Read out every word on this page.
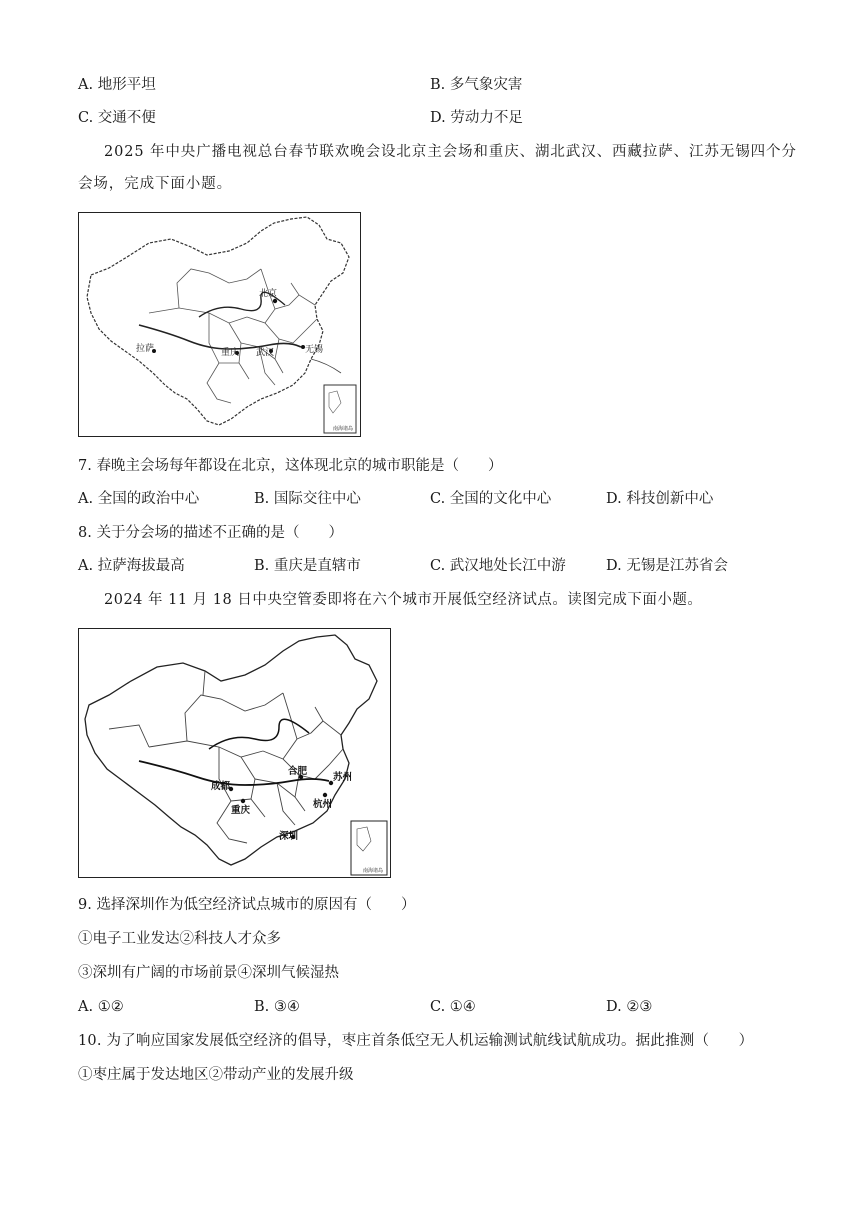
A. 地形平坦	B. 多气象灾害
C. 交通不便	D. 劳动力不足
2025 年中央广播电视总台春节联欢晚会设北京主会场和重庆、湖北武汉、西藏拉萨、江苏无锡四个分
会场，完成下面小题。
北京
拉萨	重庆 武汉	无锡
南海诸岛
7. 春晚主会场每年都设在北京，这体现北京的城市职能是（　　）
A. 全国的政治中心	B. 国际交往中心	C. 全国的文化中心	D. 科技创新中心
8. 关于分会场的描述不正确的是（　　）
A. 拉萨海拔最高	B. 重庆是直辖市	C. 武汉地处长江中游	D. 无锡是江苏省会
2024 年 11 月 18 日中央空管委即将在六个城市开展低空经济试点。读图完成下面小题。
合肥
苏州
成都
杭州
重庆
深圳
南海诸岛
9. 选择深圳作为低空经济试点城市的原因有（　　）
①电子工业发达②科技人才众多
③深圳有广阔的市场前景④深圳气候湿热
A. ①②	B. ③④	C. ①④	D. ②③
10. 为了响应国家发展低空经济的倡导，枣庄首条低空无人机运输测试航线试航成功。据此推测（　　）
①枣庄属于发达地区②带动产业的发展升级
